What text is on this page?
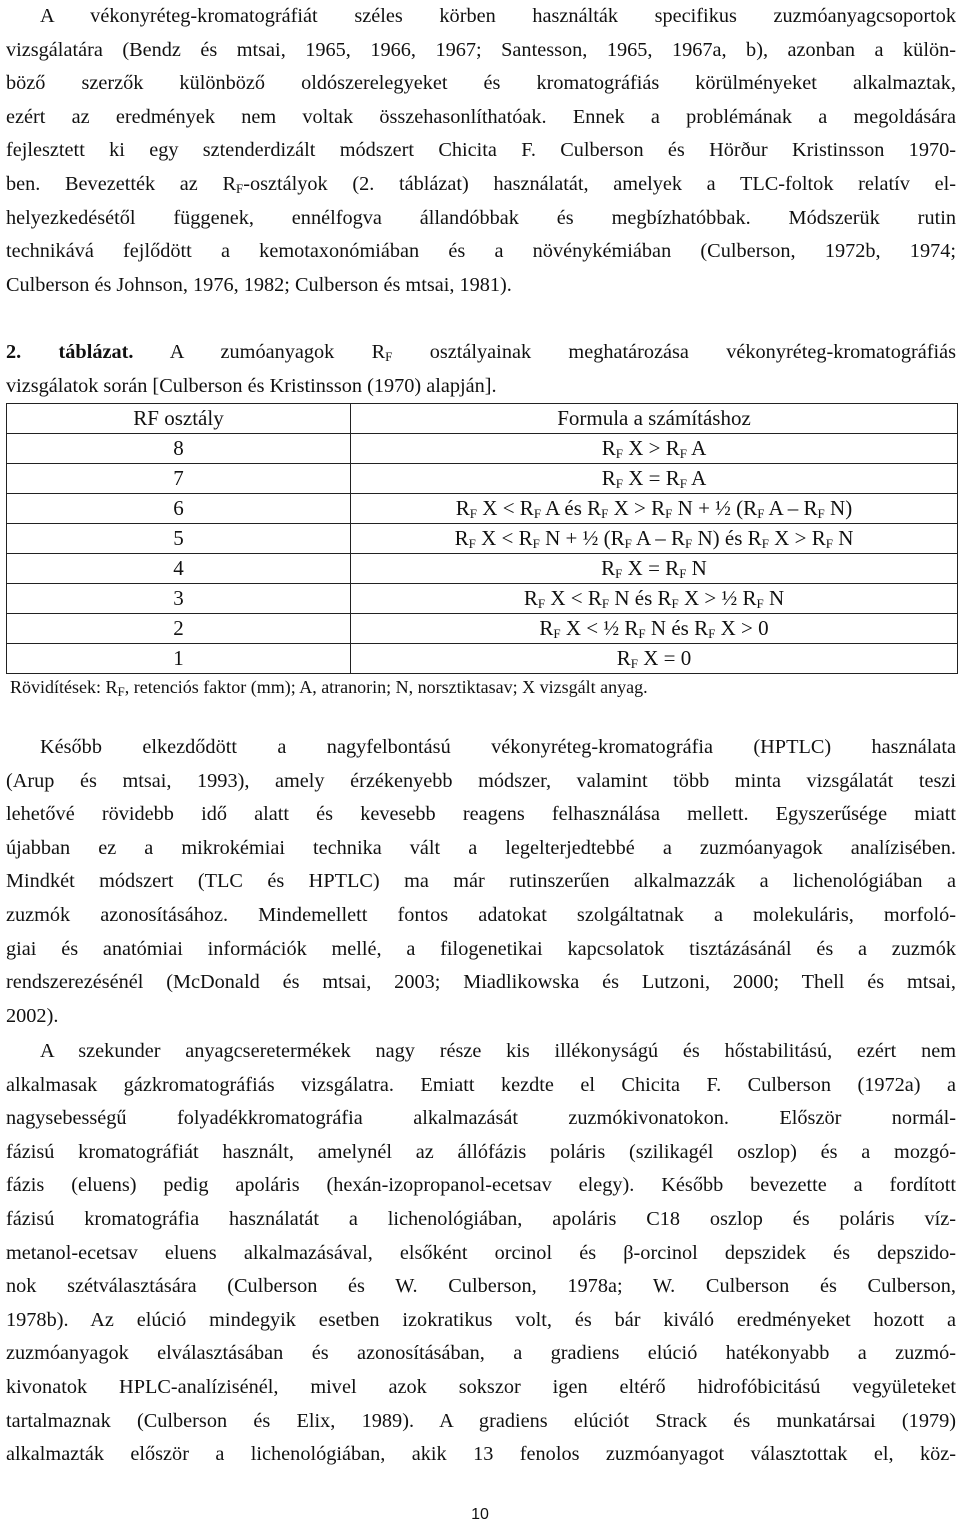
A vékonyréteg-kromatográfiát széles körben használták specifikus zuzmóanyagcsoportok
vizsgálatára (Bendz és mtsai, 1965, 1966, 1967; Santesson, 1965, 1967a, b), azonban a külön-
böző szerzők különböző oldószerelegyeket és kromatográfiás körülményeket alkalmaztak,
ezért az eredmények nem voltak összehasonlíthatóak. Ennek a problémának a megoldására
fejlesztett ki egy sztenderdizált módszert Chicita F. Culberson és Hörður Kristinsson 1970-
ben. Bevezették az $R_F$-osztályok (2. táblázat) használatát, amelyek a TLC-foltok relatív el-
helyezkedésétől függenek, ennélfogva állandóbbak és megbízhatóbbak. Módszerük rutin
technikává fejlődött a kemotaxonómiában és a növénykémiában (Culberson, 1972b, 1974;
Culberson és Johnson, 1976, 1982; Culberson és mtsai, 1981).
2. táblázat. A zumóanyagok $R_F$ osztályainak meghatározása vékonyréteg-kromatográfiás
vizsgálatok során [Culberson és Kristinsson (1970) alapján].
RF osztály	Formula a számításhoz
8	$R_F$ $X > R_F$ A
7	$R_F$ $X = R_F$ A
6	$R_F$ $X < R_F$ A és $R_F$ $X > R_F$ N + ½ ($R_F$ A – $R_F$ N)
5	$R_F$ $X < R_F$ N + ½ ($R_F$ A – $R_F$ N) és $R_F$ $X > R_F$ N
4	$R_F$ $X = R_F$ N
3	$R_F$ $X < R_F$ N és $R_F$ X > ½ $R_F$ N
2	$R_F$ X < ½ $R_F$ N és $R_F$ X > 0
1	$R_F$ X = 0
Rövidítések: $R_F$, retenciós faktor (mm); A, atranorin; N, norsztiktasav; X vizsgált anyag.
Később elkezdődött a nagyfelbontású vékonyréteg-kromatográfia (HPTLC) használata
(Arup és mtsai, 1993), amely érzékenyebb módszer, valamint több minta vizsgálatát teszi
lehetővé rövidebb idő alatt és kevesebb reagens felhasználása mellett. Egyszerűsége miatt
újabban ez a mikrokémiai technika vált a legelterjedtebbé a zuzmóanyagok analízisében.
Mindkét módszert (TLC és HPTLC) ma már rutinszerűen alkalmazzák a lichenológiában a
zuzmók azonosításához. Mindemellett fontos adatokat szolgáltatnak a molekuláris, morfoló-
giai és anatómiai információk mellé, a filogenetikai kapcsolatok tisztázásánál és a zuzmók
rendszerezésénél (McDonald és mtsai, 2003; Miadlikowska és Lutzoni, 2000; Thell és mtsai,
2002).
A szekunder anyagcseretermékek nagy része kis illékonyságú és hőstabilitású, ezért nem
alkalmasak gázkromatográfiás vizsgálatra. Emiatt kezdte el Chicita F. Culberson (1972a) a
nagysebességű folyadékkromatográfia alkalmazását zuzmókivonatokon. Először normál-
fázisú kromatográfiát használt, amelynél az állófázis poláris (szilikagél oszlop) és a mozgó-
fázis (eluens) pedig apoláris (hexán-izopropanol-ecetsav elegy). Később bevezette a fordított
fázisú kromatográfia használatát a lichenológiában, apoláris C18 oszlop és poláris víz-
metanol-ecetsav eluens alkalmazásával, elsőként orcinol és β-orcinol depszidek és depszido-
nok szétválasztására (Culberson és W. Culberson, 1978a; W. Culberson és Culberson,
1978b). Az elúció mindegyik esetben izokratikus volt, és bár kiváló eredményeket hozott a
zuzmóanyagok elválasztásában és azonosításában, a gradiens elúció hatékonyabb a zuzmó-
kivonatok HPLC-analízisénél, mivel azok sokszor igen eltérő hidrofóbicitású vegyületeket
tartalmaznak (Culberson és Elix, 1989). A gradiens elúciót Strack és munkatársai (1979)
alkalmazták először a lichenológiában, akik 13 fenolos zuzmóanyagot választottak el, köz-
10
